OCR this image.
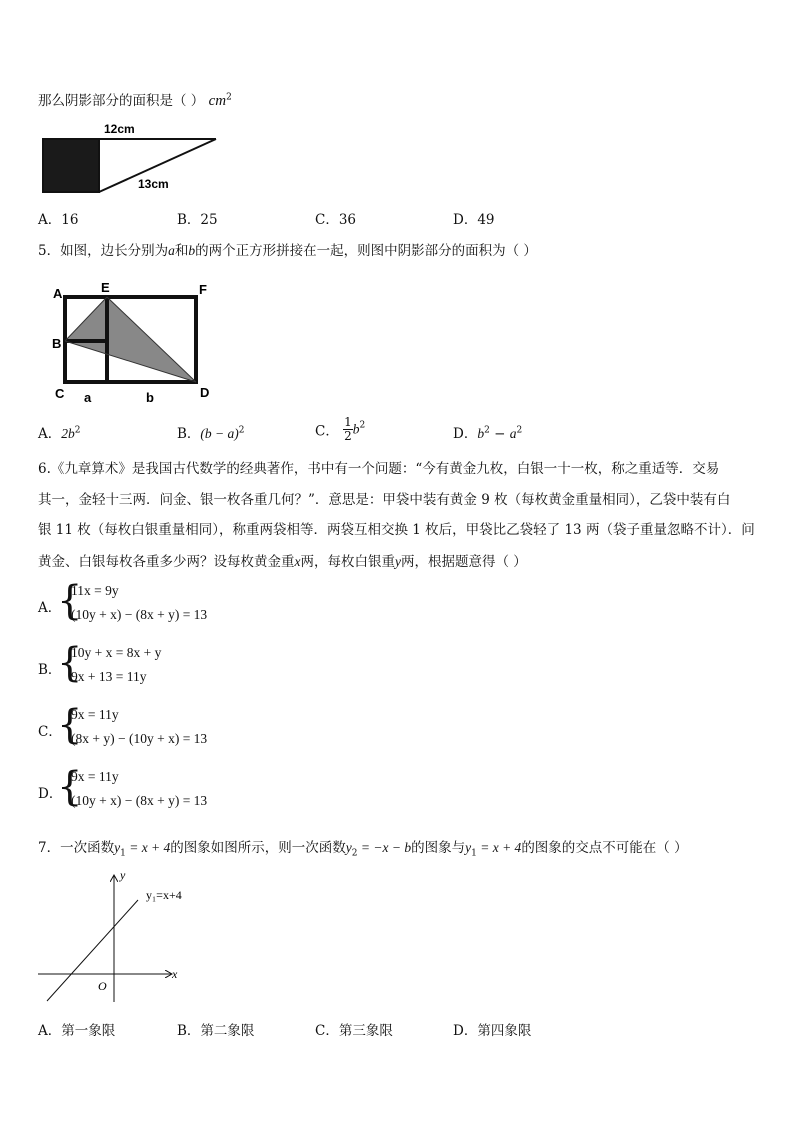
那么阴影部分的面积是（ ） $cm^2$
12cm
13cm
A．16	B．25	C．36	D．49
5．如图，边长分别为a和b的两个正方形拼接在一起，则图中阴影部分的面积为（ ）
A	E	F
B
C	D
a	b
A．$2b^2$	B．$(b - a)^2$	C． $\frac{1}{2} b^2$
D．$b^2 - a^2$
6.《九章算术》是我国古代数学的经典著作，书中有一个问题：“今有黄金九枚，白银一十一枚，称之重适等．交易
其一，金轻十三两．问金、银一枚各重几何？”．意思是：甲袋中装有黄金 9 枚（每枚黄金重量相同），乙袋中装有白
银 11 枚（每枚白银重量相同），称重两袋相等．两袋互相交换 1 枚后，甲袋比乙袋轻了 13 两（袋子重量忽略不计）．问
黄金、白银每枚各重多少两？设每枚黄金重x两，每枚白银重y两，根据题意得（ ）
A．
{
11x = 9y
(10y + x) − (8x + y) = 13
B．
{
10y + x = 8x + y
9x + 13 = 11y
C．
{
9x = 11y
(8x + y) − (10y + x) = 13
D．
{
9x = 11y
(10y + x) − (8x + y) = 13
7．一次函数$y_1 = x + 4$的图象如图所示，则一次函数$y_2 = -x - b$的图象与$y_1 = x + 4$的图象的交点不可能在（ ）
y
x
O
y₁=x+4
A．第一象限	B．第二象限	C．第三象限	D．第四象限
